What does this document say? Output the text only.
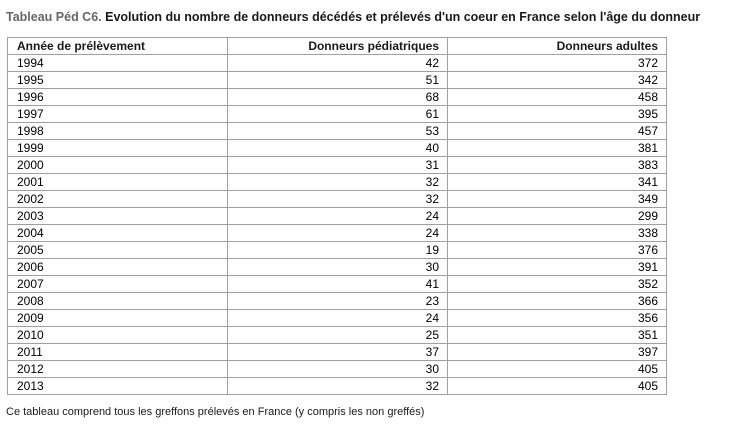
Tableau Péd C6. Evolution du nombre de donneurs décédés et prélevés d'un coeur en France selon l'âge du donneur
Année de prélèvement	Donneurs pédiatriques	Donneurs adultes
1994	42	372
1995	51	342
1996	68	458
1997	61	395
1998	53	457
1999	40	381
2000	31	383
2001	32	341
2002	32	349
2003	24	299
2004	24	338
2005	19	376
2006	30	391
2007	41	352
2008	23	366
2009	24	356
2010	25	351
2011	37	397
2012	30	405
2013	32	405
Ce tableau comprend tous les greffons prélevés en France (y compris les non greffés)
